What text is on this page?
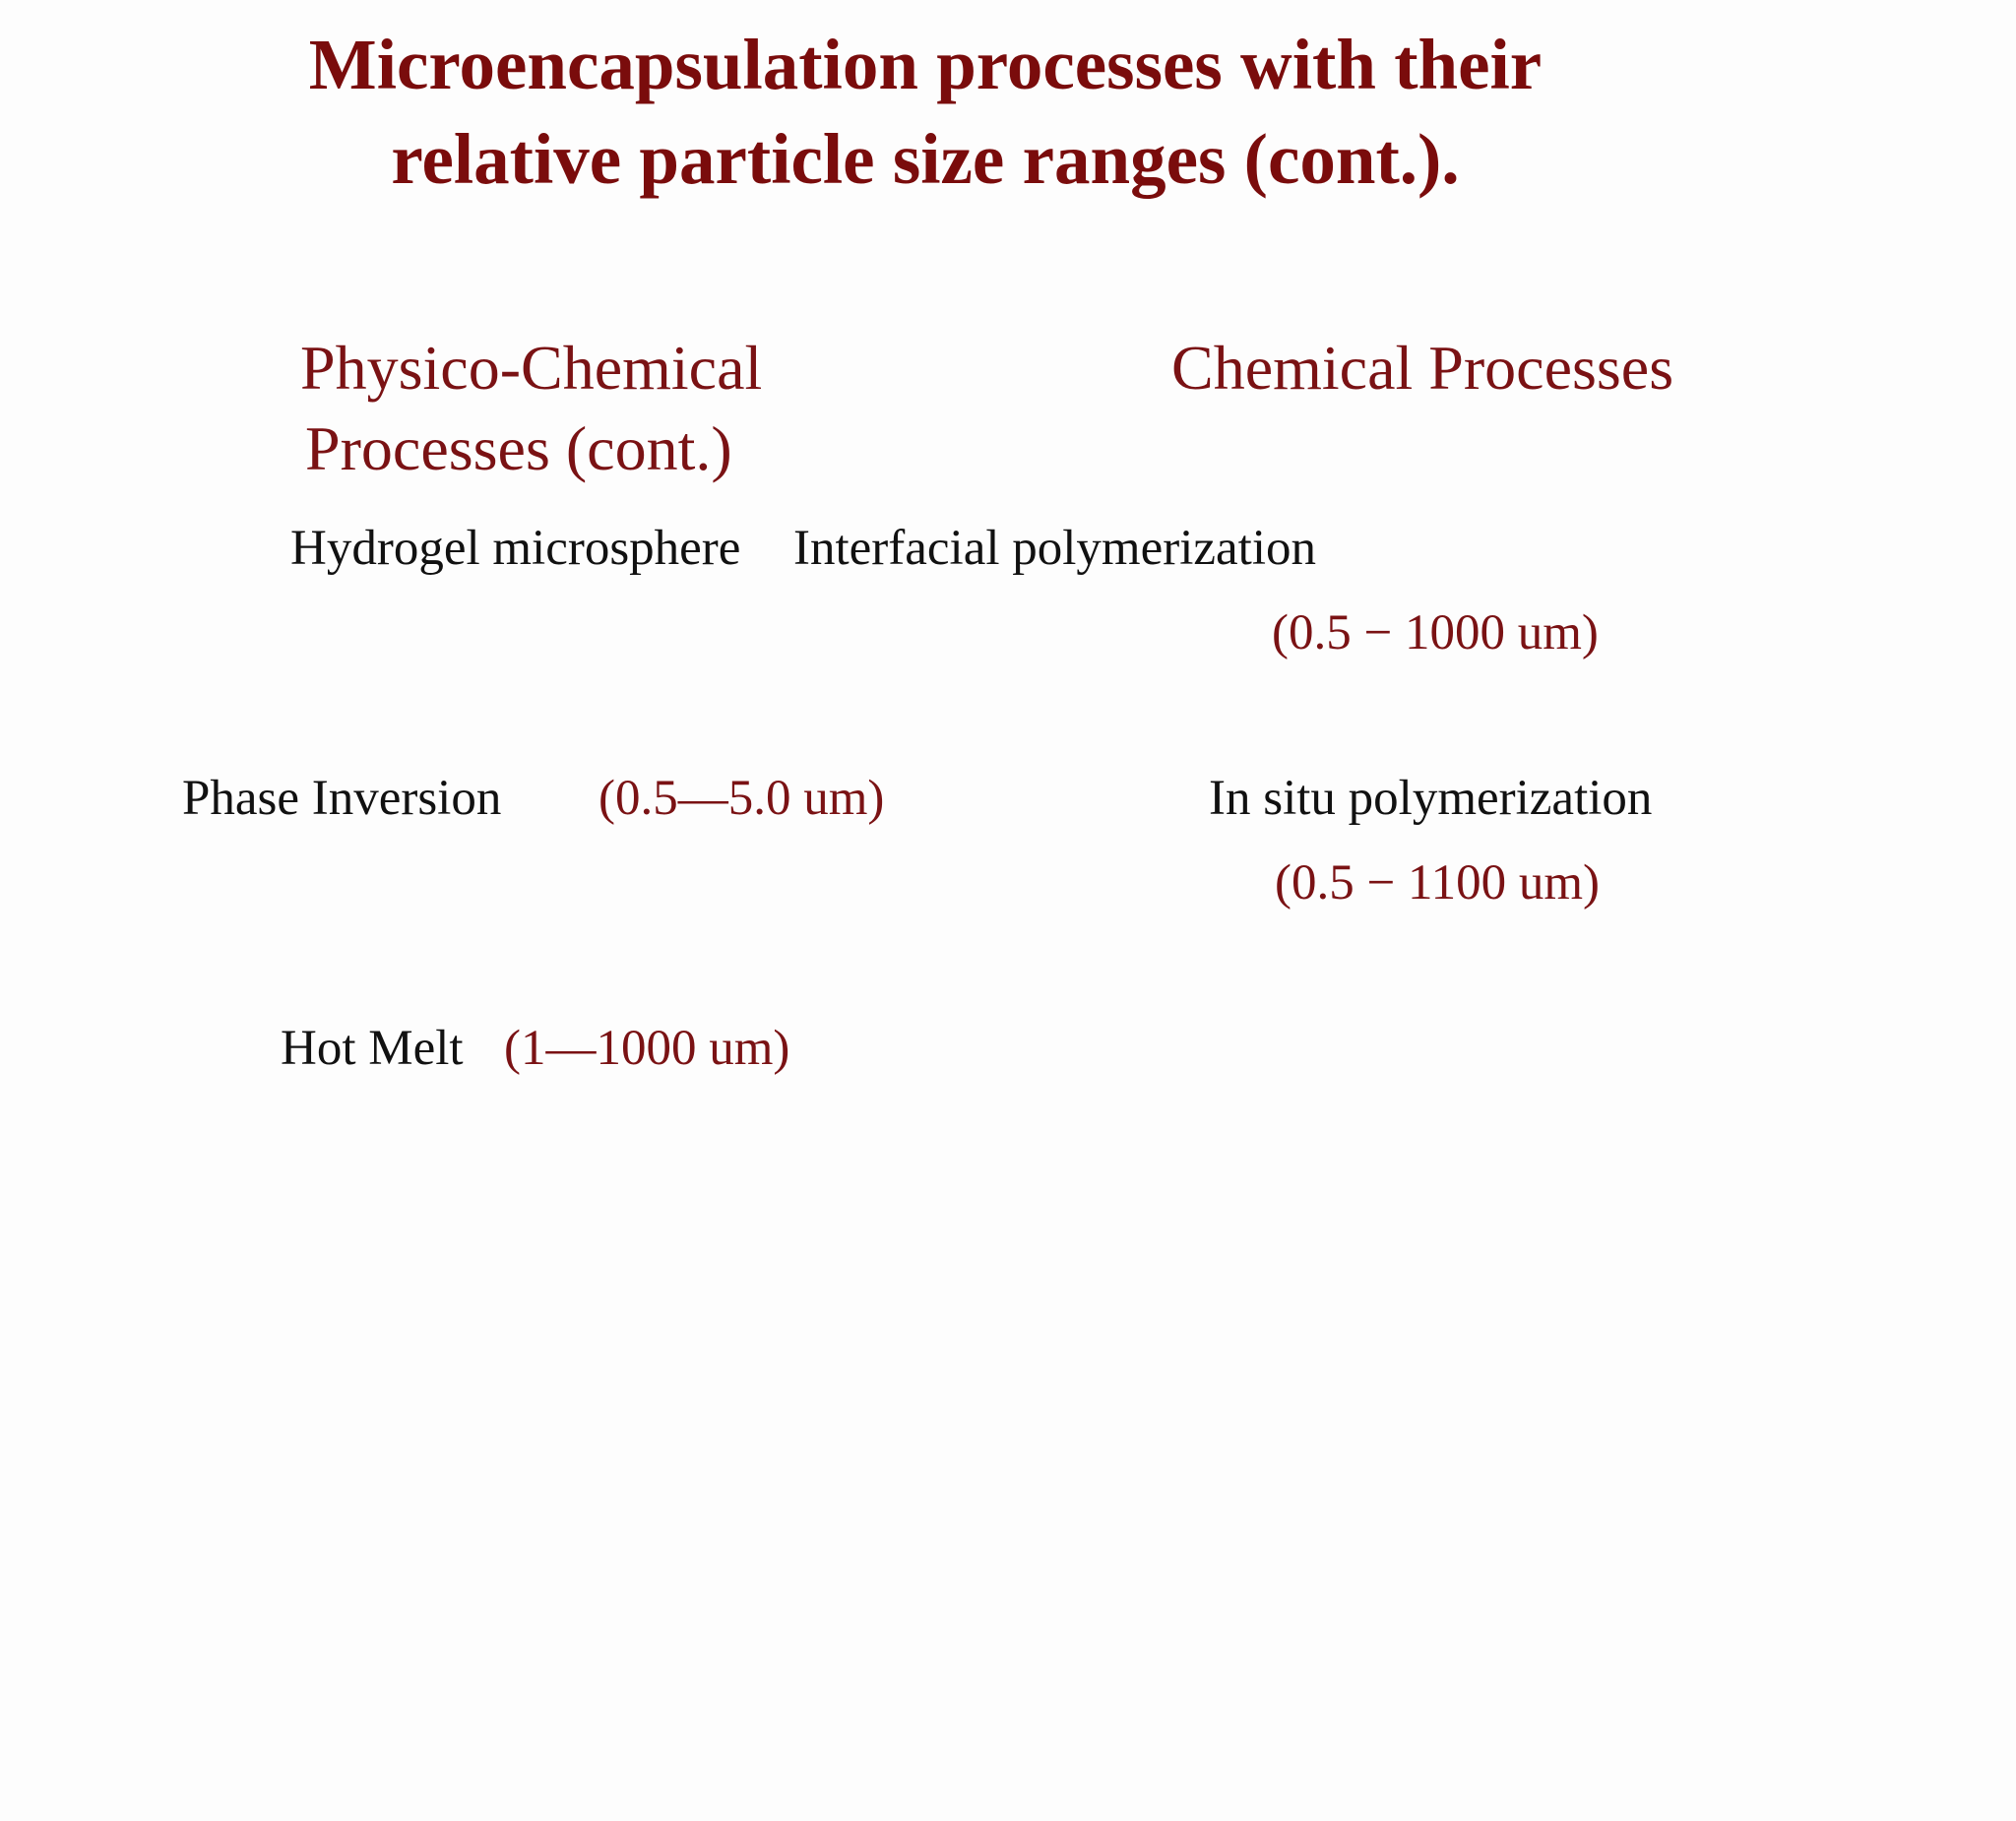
Microencapsulation processes with their
relative particle size ranges (cont.).
Physico-Chemical
Processes (cont.)
Chemical Processes
Hydrogel microsphere Interfacial polymerization
(0.5 − 1000 um)
Phase Inversion (0.5—5.0 um)	In situ polymerization
(0.5 − 1100 um)
Hot Melt (1—1000 um)
